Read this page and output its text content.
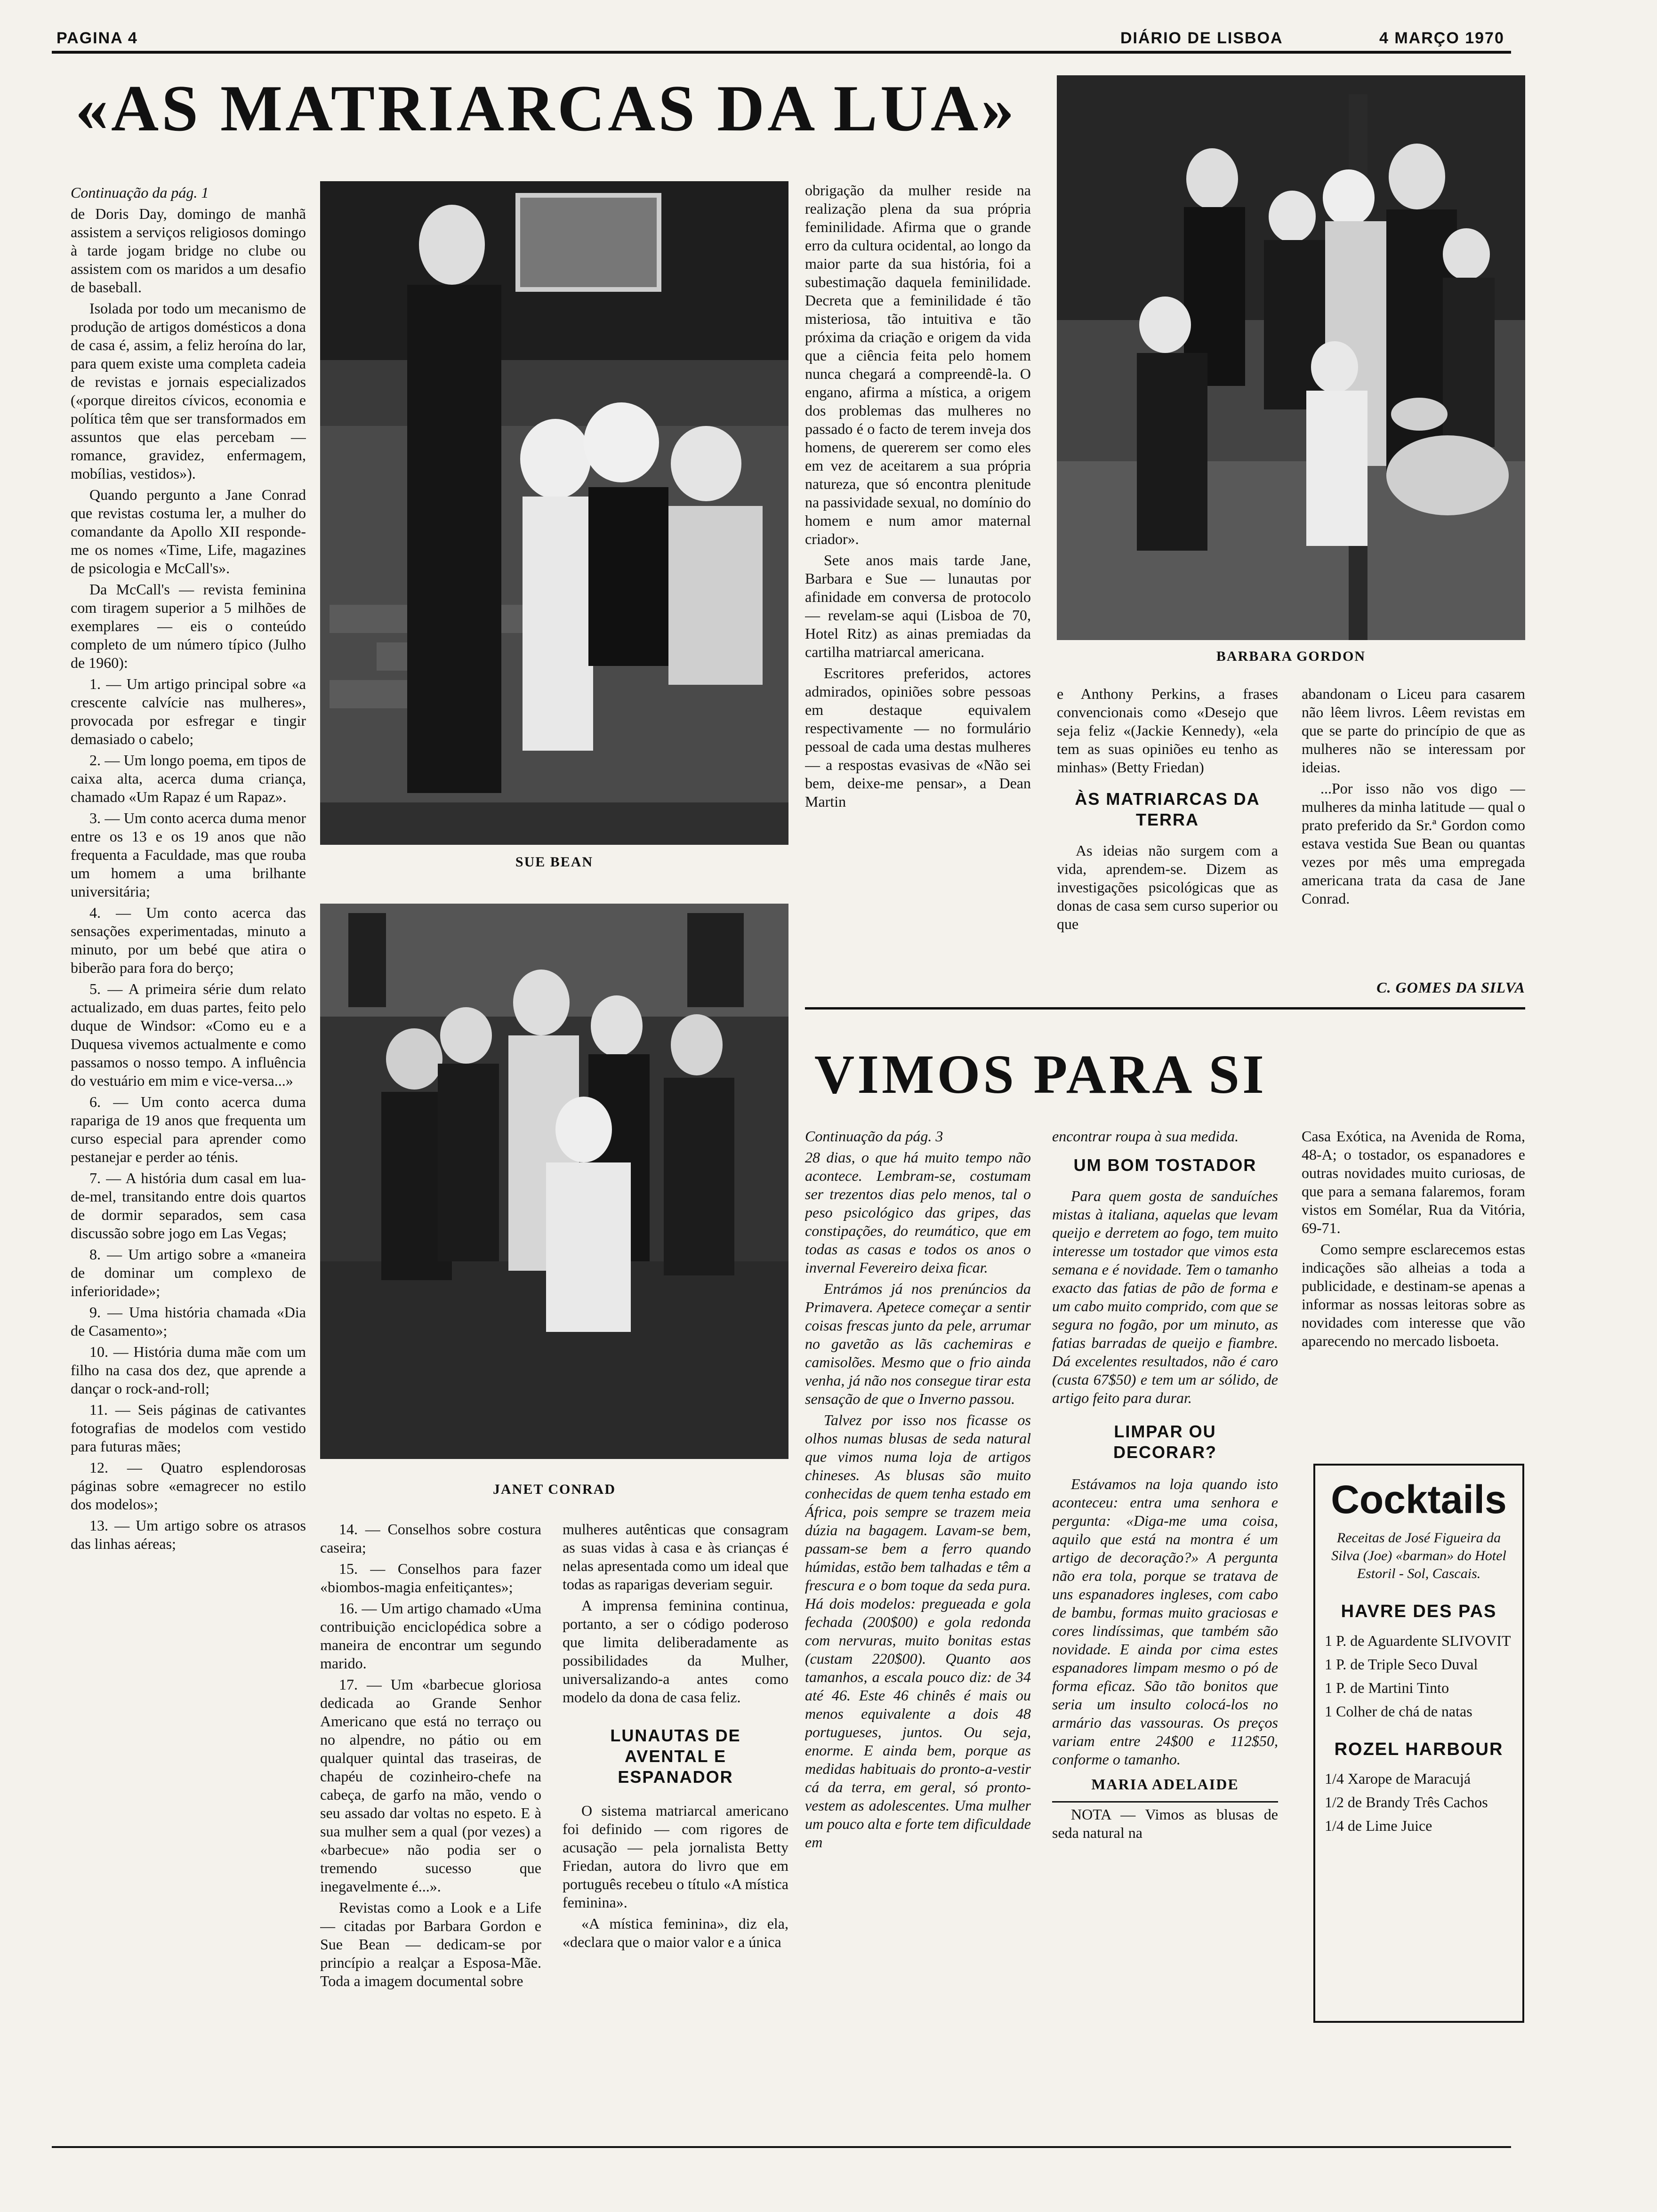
PAGINA 4	DIÁRIO DE LISBOA	4 MARÇO 1970
«AS MATRIARCAS DA LUA»

Continuação da pág. 1

de Doris Day, domingo de manhã assistem a serviços religiosos domingo à tarde jogam bridge no clube ou assistem com os maridos a um desafio de baseball.

Isolada por todo um mecanismo de produção de artigos domésticos a dona de casa é, assim, a feliz heroína do lar, para quem existe uma completa cadeia de revistas e jornais especializados («porque direitos cívicos, economia e política têm que ser transformados em assuntos que elas percebam — romance, gravidez, enfermagem, mobílias, vestidos»).

Quando pergunto a Jane Conrad que revistas costuma ler, a mulher do comandante da Apollo XII responde-me os nomes «Time, Life, magazines de psicologia e McCall's».

Da McCall's — revista feminina com tiragem superior a 5 milhões de exemplares — eis o conteúdo completo de um número típico (Julho de 1960):

1. — Um artigo principal sobre «a crescente calvície nas mulheres», provocada por esfregar e tingir demasiado o cabelo;

2. — Um longo poema, em tipos de caixa alta, acerca duma criança, chamado «Um Rapaz é um Rapaz».

3. — Um conto acerca duma menor entre os 13 e os 19 anos que não frequenta a Faculdade, mas que rouba um homem a uma brilhante universitária;

4. — Um conto acerca das sensações experimentadas, minuto a minuto, por um bebé que atira o biberão para fora do berço;

5. — A primeira série dum relato actualizado, em duas partes, feito pelo duque de Windsor: «Como eu e a Duquesa vivemos actualmente e como passamos o nosso tempo. A influência do vestuário em mim e vice-versa...»

6. — Um conto acerca duma rapariga de 19 anos que frequenta um curso especial para aprender como pestanejar e perder ao ténis.

7. — A história dum casal em lua-de-mel, transitando entre dois quartos de dormir separados, sem casa discussão sobre jogo em Las Vegas;

8. — Um artigo sobre a «maneira de dominar um complexo de inferioridade»;

9. — Uma história chamada «Dia de Casamento»;

10. — História duma mãe com um filho na casa dos dez, que aprende a dançar o rock-and-roll;

11. — Seis páginas de cativantes fotografias de modelos com vestido para futuras mães;

12. — Quatro esplendorosas páginas sobre «emagrecer no estilo dos modelos»;

13. — Um artigo sobre os atrasos das linhas aéreas;

SUE BEAN
JANET CONRAD

14. — Conselhos sobre costura caseira;

15. — Conselhos para fazer «biombos-magia enfeitiçantes»;

16. — Um artigo chamado «Uma contribuição enciclopédica sobre a maneira de encontrar um segundo marido.

17. — Um «barbecue gloriosa dedicada ao Grande Senhor Americano que está no terraço ou no alpendre, no pátio ou em qualquer quintal das traseiras, de chapéu de cozinheiro-chefe na cabeça, de garfo na mão, vendo o seu assado dar voltas no espeto. E à sua mulher sem a qual (por vezes) a «barbecue» não podia ser o tremendo sucesso que inegavelmente é...».

Revistas como a Look e a Life — citadas por Barbara Gordon e Sue Bean — dedicam-se por princípio a realçar a Esposa-Mãe. Toda a imagem documental sobre

mulheres autênticas que consagram as suas vidas à casa e às crianças é nelas apresentada como um ideal que todas as raparigas deveriam seguir.

A imprensa feminina continua, portanto, a ser o código poderoso que limita deliberadamente as possibilidades da Mulher, universalizando-a antes como modelo da dona de casa feliz.

LUNAUTAS DE AVENTAL E ESPANADOR

O sistema matriarcal americano foi definido — com rigores de acusação — pela jornalista Betty Friedan, autora do livro que em português recebeu o título «A mística feminina».

«A mística feminina», diz ela, «declara que o maior valor e a única

obrigação da mulher reside na realização plena da sua própria feminilidade. Afirma que o grande erro da cultura ocidental, ao longo da maior parte da sua história, foi a subestimação daquela feminilidade. Decreta que a feminilidade é tão misteriosa, tão intuitiva e tão próxima da criação e origem da vida que a ciência feita pelo homem nunca chegará a compreendê-la. O engano, afirma a mística, a origem dos problemas das mulheres no passado é o facto de terem inveja dos homens, de quererem ser como eles em vez de aceitarem a sua própria natureza, que só encontra plenitude na passividade sexual, no domínio do homem e num amor maternal criador».

Sete anos mais tarde Jane, Barbara e Sue — lunautas por afinidade em conversa de protocolo — revelam-se aqui (Lisboa de 70, Hotel Ritz) as ainas premiadas da cartilha matriarcal americana.

Escritores preferidos, actores admirados, opiniões sobre pessoas em destaque equivalem respectivamente — no formulário pessoal de cada uma destas mulheres — a respostas evasivas de «Não sei bem, deixe-me pensar», a Dean Martin

BARBARA GORDON

e Anthony Perkins, a frases convencionais como «Desejo que seja feliz «(Jackie Kennedy), «ela tem as suas opiniões eu tenho as minhas» (Betty Friedan)

ÀS MATRIARCAS DA TERRA

As ideias não surgem com a vida, aprendem-se. Dizem as investigações psicológicas que as donas de casa sem curso superior ou que

abandonam o Liceu para casarem não lêem livros. Lêem revistas em que se parte do princípio de que as mulheres não se interessam por ideias.

...Por isso não vos digo — mulheres da minha latitude — qual o prato preferido da Sr.ª Gordon como estava vestida Sue Bean ou quantas vezes por mês uma empregada americana trata da casa de Jane Conrad.

C. GOMES DA SILVA
VIMOS PARA SI

Continuação da pág. 3

28 dias, o que há muito tempo não acontece. Lembram-se, costumam ser trezentos dias pelo menos, tal o peso psicológico das gripes, das constipações, do reumático, que em todas as casas e todos os anos o invernal Fevereiro deixa ficar.

Entrámos já nos prenúncios da Primavera. Apetece começar a sentir coisas frescas junto da pele, arrumar no gavetão as lãs cachemiras e camisolões. Mesmo que o frio ainda venha, já não nos consegue tirar esta sensação de que o Inverno passou.

Talvez por isso nos ficasse os olhos numas blusas de seda natural que vimos numa loja de artigos chineses. As blusas são muito conhecidas de quem tenha estado em África, pois sempre se trazem meia dúzia na bagagem. Lavam-se bem, passam-se bem a ferro quando húmidas, estão bem talhadas e têm a frescura e o bom toque da seda pura. Há dois modelos: pregueada e gola fechada (200$00) e gola redonda com nervuras, muito bonitas estas (custam 220$00). Quanto aos tamanhos, a escala pouco diz: de 34 até 46. Este 46 chinês é mais ou menos equivalente a dois 48 portugueses, juntos. Ou seja, enorme. E ainda bem, porque as medidas habituais do pronto-a-vestir cá da terra, em geral, só pronto-vestem as adolescentes. Uma mulher um pouco alta e forte tem dificuldade em

encontrar roupa à sua medida.

UM BOM TOSTADOR

Para quem gosta de sanduíches mistas à italiana, aquelas que levam queijo e derretem ao fogo, tem muito interesse um tostador que vimos esta semana e é novidade. Tem o tamanho exacto das fatias de pão de forma e um cabo muito comprido, com que se segura no fogão, por um minuto, as fatias barradas de queijo e fiambre. Dá excelentes resultados, não é caro (custa 67$50) e tem um ar sólido, de artigo feito para durar.

LIMPAR OU DECORAR?

Estávamos na loja quando isto aconteceu: entra uma senhora e pergunta: «Diga-me uma coisa, aquilo que está na montra é um artigo de decoração?» A pergunta não era tola, porque se tratava de uns espanadores ingleses, com cabo de bambu, formas muito graciosas e cores lindíssimas, que também são novidade. E ainda por cima estes espanadores limpam mesmo o pó de forma eficaz. São tão bonitos que seria um insulto colocá-los no armário das vassouras. Os preços variam entre 24$00 e 112$50, conforme o tamanho.

MARIA ADELAIDE

NOTA — Vimos as blusas de seda natural na

Casa Exótica, na Avenida de Roma, 48-A; o tostador, os espanadores e outras novidades muito curiosas, de que para a semana falaremos, foram vistos em Somélar, Rua da Vitória, 69-71.

Como sempre esclarecemos estas indicações são alheias a toda a publicidade, e destinam-se apenas a informar as nossas leitoras sobre as novidades com interesse que vão aparecendo no mercado lisboeta.

Cocktails
Receitas de José Figueira da Silva (Joe) «barman» do Hotel Estoril - Sol, Cascais.
HAVRE DES PAS
1 P. de Aguardente SLIVOVIT
1 P. de Triple Seco Duval
1 P. de Martini Tinto
1 Colher de chá de natas
ROZEL HARBOUR
1/4 Xarope de Maracujá
1/2 de Brandy Três Cachos
1/4 de Lime Juice
